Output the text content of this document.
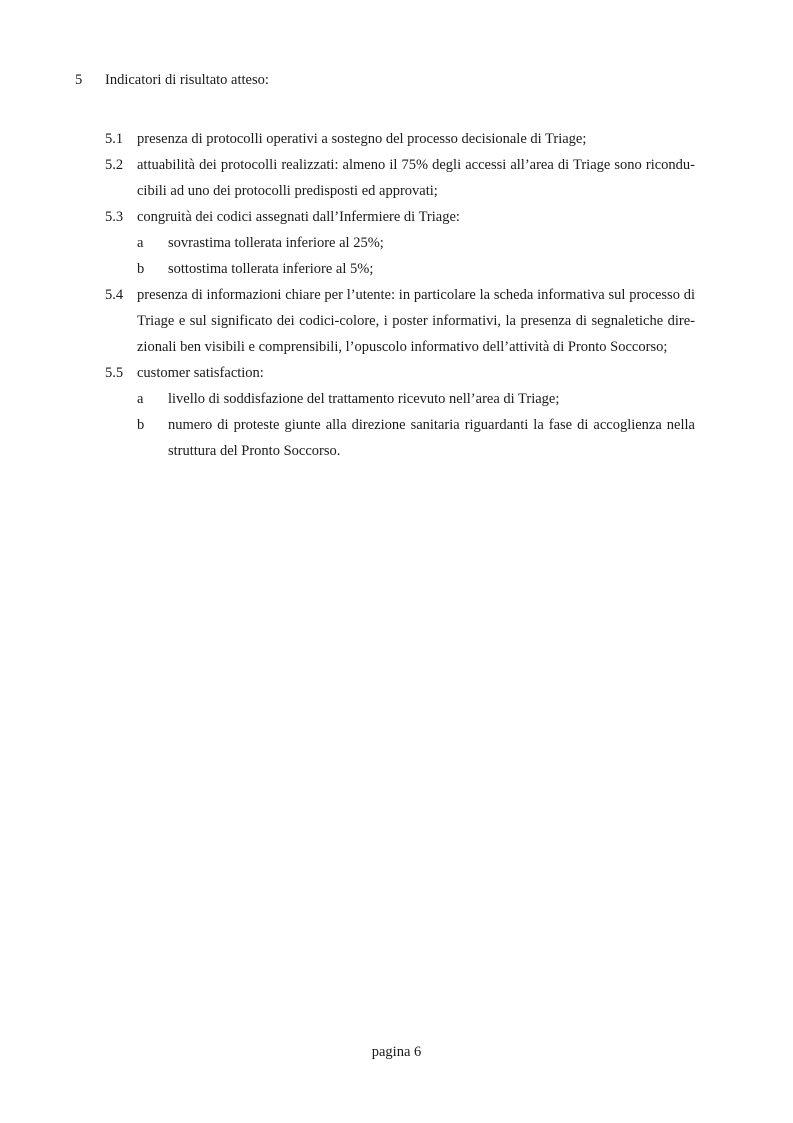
5 Indicatori di risultato atteso:
5.1 presenza di protocolli operativi a sostegno del processo decisionale di Triage;
5.2 attuabilità dei protocolli realizzati: almeno il 75% degli accessi all’area di Triage sono ricondu-cibili ad uno dei protocolli predisposti ed approvati;
5.3 congruità dei codici assegnati dall’Infermiere di Triage:
a sovrastima tollerata inferiore al 25%;
b sottostima tollerata inferiore al 5%;
5.4 presenza di informazioni chiare per l’utente: in particolare la scheda informativa sul processo di Triage e sul significato dei codici-colore, i poster informativi, la presenza di segnaletiche dire-zionali ben visibili e comprensibili, l’opuscolo informativo dell’attività di Pronto Soccorso;
5.5 customer satisfaction:
a livello di soddisfazione del trattamento ricevuto nell’area di Triage;
b numero di proteste giunte alla direzione sanitaria riguardanti la fase di accoglienza nella struttura del Pronto Soccorso.
pagina 6
